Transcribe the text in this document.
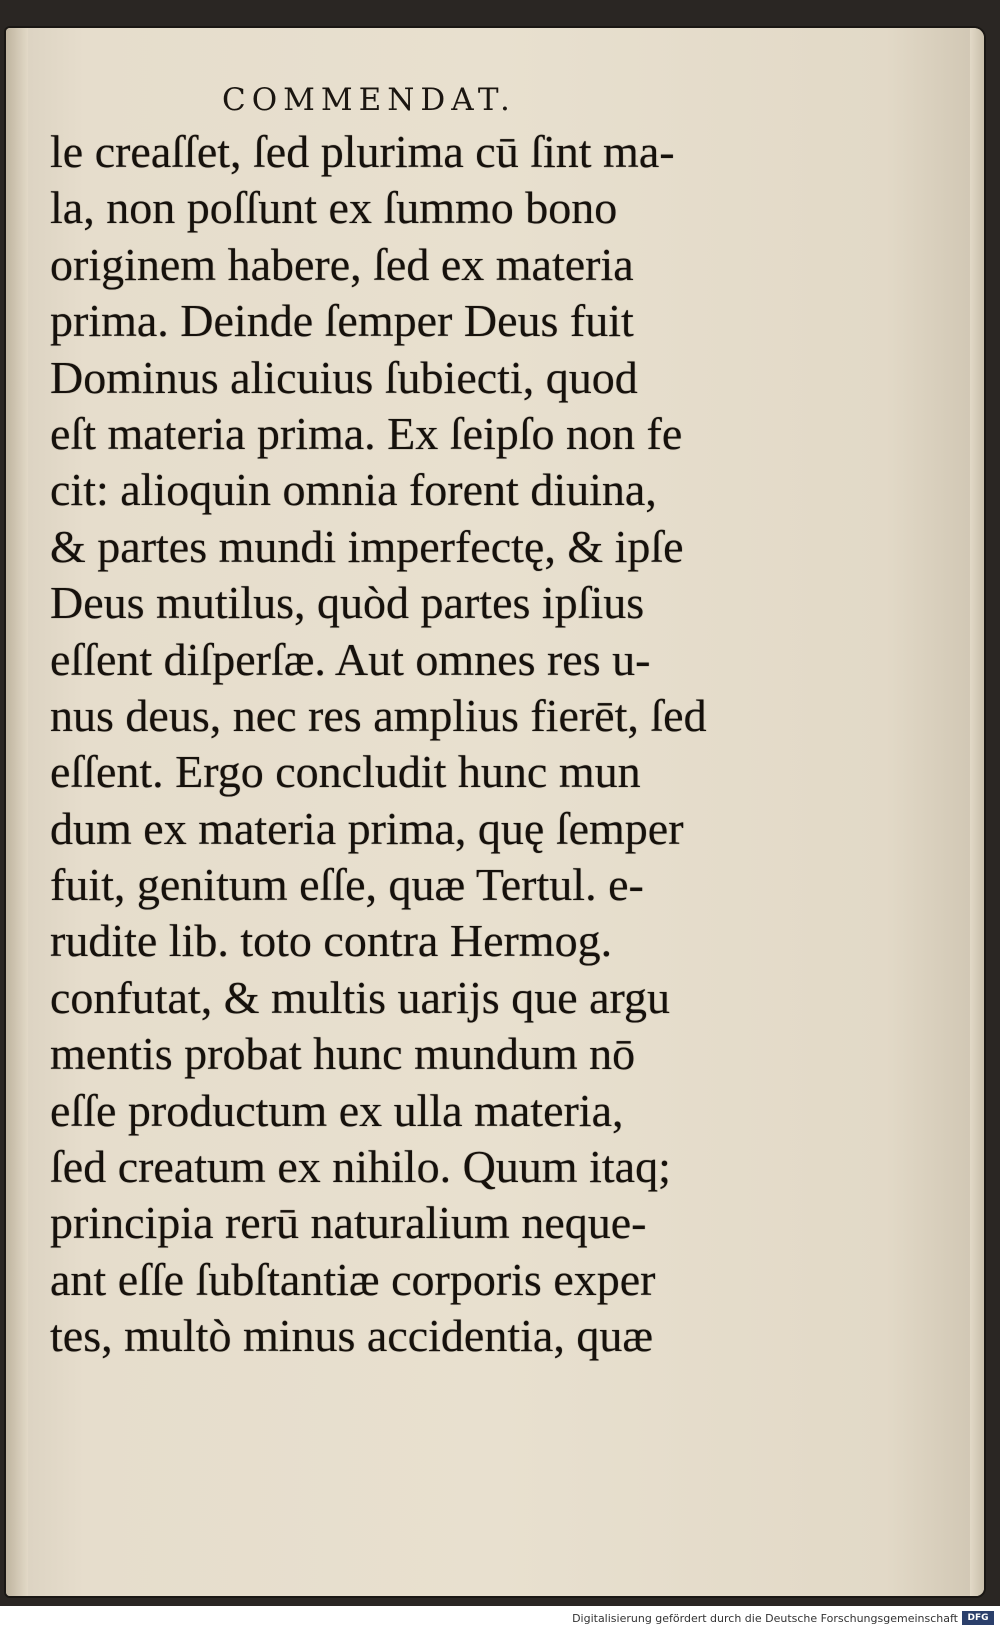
COMMENDAT.
le creaſſet, ſed plurima cū ſint ma-
la, non poſſunt ex ſummo bono
originem habere, ſed ex materia
prima. Deinde ſemper Deus fuit
Dominus alicuius ſubiecti, quod
eſt materia prima. Ex ſeipſo non fe
cit: alioquin omnia forent diuina,
& partes mundi imperfectę, & ipſe
Deus mutilus, quòd partes ipſius
eſſent diſperſæ. Aut omnes res u-
nus deus, nec res amplius fierēt, ſed
eſſent. Ergo concludit hunc mun
dum ex materia prima, quę ſemper
fuit, genitum eſſe, quæ Tertul. e-
rudite lib. toto contra Hermog.
confutat, & multis uarijs que argu
mentis probat hunc mundum nō
eſſe productum ex ulla materia,
ſed creatum ex nihilo. Quum itaq;
principia rerū naturalium neque-
ant eſſe ſubſtantiæ corporis exper
tes, multò minus accidentia, quæ
Digitalisierung gefördert durch die Deutsche Forschungsgemeinschaft	DFG
